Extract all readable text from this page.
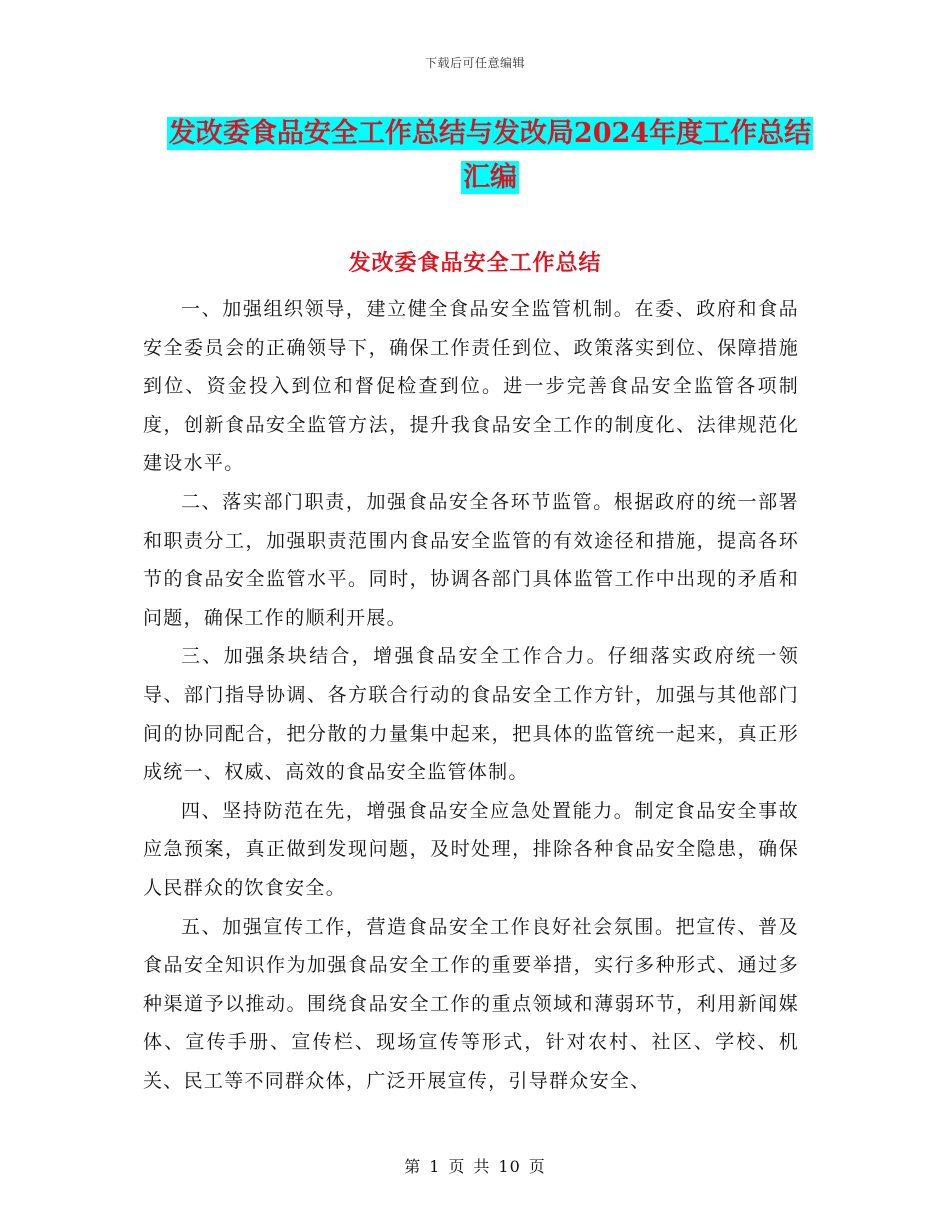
下载后可任意编辑
发改委食品安全工作总结与发改局2024年度工作总结
汇编
发改委食品安全工作总结

一、加强组织领导，建立健全食品安全监管机制。在委、政府和食品安全委员会的正确领导下，确保工作责任到位、政策落实到位、保障措施到位、资金投入到位和督促检查到位。进一步完善食品安全监管各项制度，创新食品安全监管方法，提升我食品安全工作的制度化、法律规范化建设水平。

二、落实部门职责，加强食品安全各环节监管。根据政府的统一部署和职责分工，加强职责范围内食品安全监管的有效途径和措施，提高各环节的食品安全监管水平。同时，协调各部门具体监管工作中出现的矛盾和问题，确保工作的顺利开展。

三、加强条块结合，增强食品安全工作合力。仔细落实政府统一领导、部门指导协调、各方联合行动的食品安全工作方针，加强与其他部门间的协同配合，把分散的力量集中起来，把具体的监管统一起来，真正形成统一、权威、高效的食品安全监管体制。

四、坚持防范在先，增强食品安全应急处置能力。制定食品安全事故应急预案，真正做到发现问题，及时处理，排除各种食品安全隐患，确保人民群众的饮食安全。

五、加强宣传工作，营造食品安全工作良好社会氛围。把宣传、普及食品安全知识作为加强食品安全工作的重要举措，实行多种形式、通过多种渠道予以推动。围绕食品安全工作的重点领域和薄弱环节，利用新闻媒体、宣传手册、宣传栏、现场宣传等形式，针对农村、社区、学校、机关、民工等不同群众体，广泛开展宣传，引导群众安全、

第 1 页 共 10 页
